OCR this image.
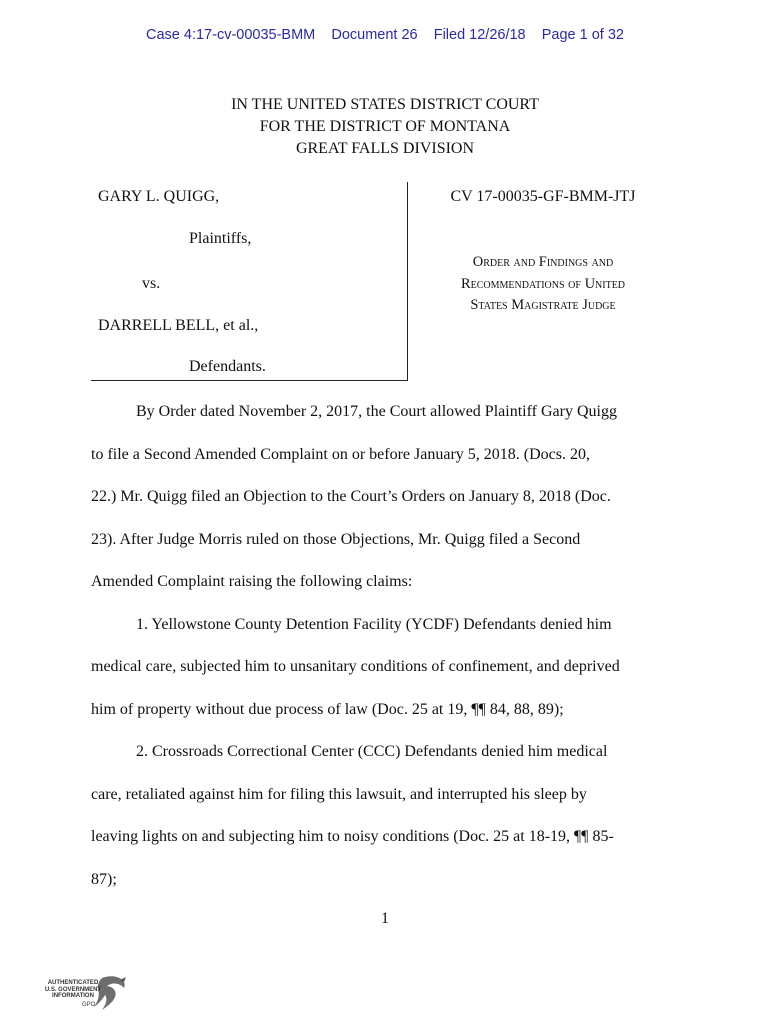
Case 4:17-cv-00035-BMM    Document 26    Filed 12/26/18    Page 1 of 32
IN THE UNITED STATES DISTRICT COURT
FOR THE DISTRICT OF MONTANA
GREAT FALLS DIVISION
GARY L. QUIGG,
Plaintiffs,
vs.
DARRELL BELL, et al.,
Defendants.
CV 17-00035-GF-BMM-JTJ
Order and Findings and
Recommendations of United
States Magistrate Judge
By Order dated November 2, 2017, the Court allowed Plaintiff Gary Quigg
to file a Second Amended Complaint on or before January 5, 2018. (Docs. 20,
22.) Mr. Quigg filed an Objection to the Court’s Orders on January 8, 2018 (Doc.
23). After Judge Morris ruled on those Objections, Mr. Quigg filed a Second
Amended Complaint raising the following claims:
1. Yellowstone County Detention Facility (YCDF) Defendants denied him
medical care, subjected him to unsanitary conditions of confinement, and deprived
him of property without due process of law (Doc. 25 at 19, ¶¶ 84, 88, 89);
2. Crossroads Correctional Center (CCC) Defendants denied him medical
care, retaliated against him for filing this lawsuit, and interrupted his sleep by
leaving lights on and subjecting him to noisy conditions (Doc. 25 at 18-19, ¶¶ 85-
87);
1
AUTHENTICATED
U.S. GOVERNMENT
INFORMATION
GPO
